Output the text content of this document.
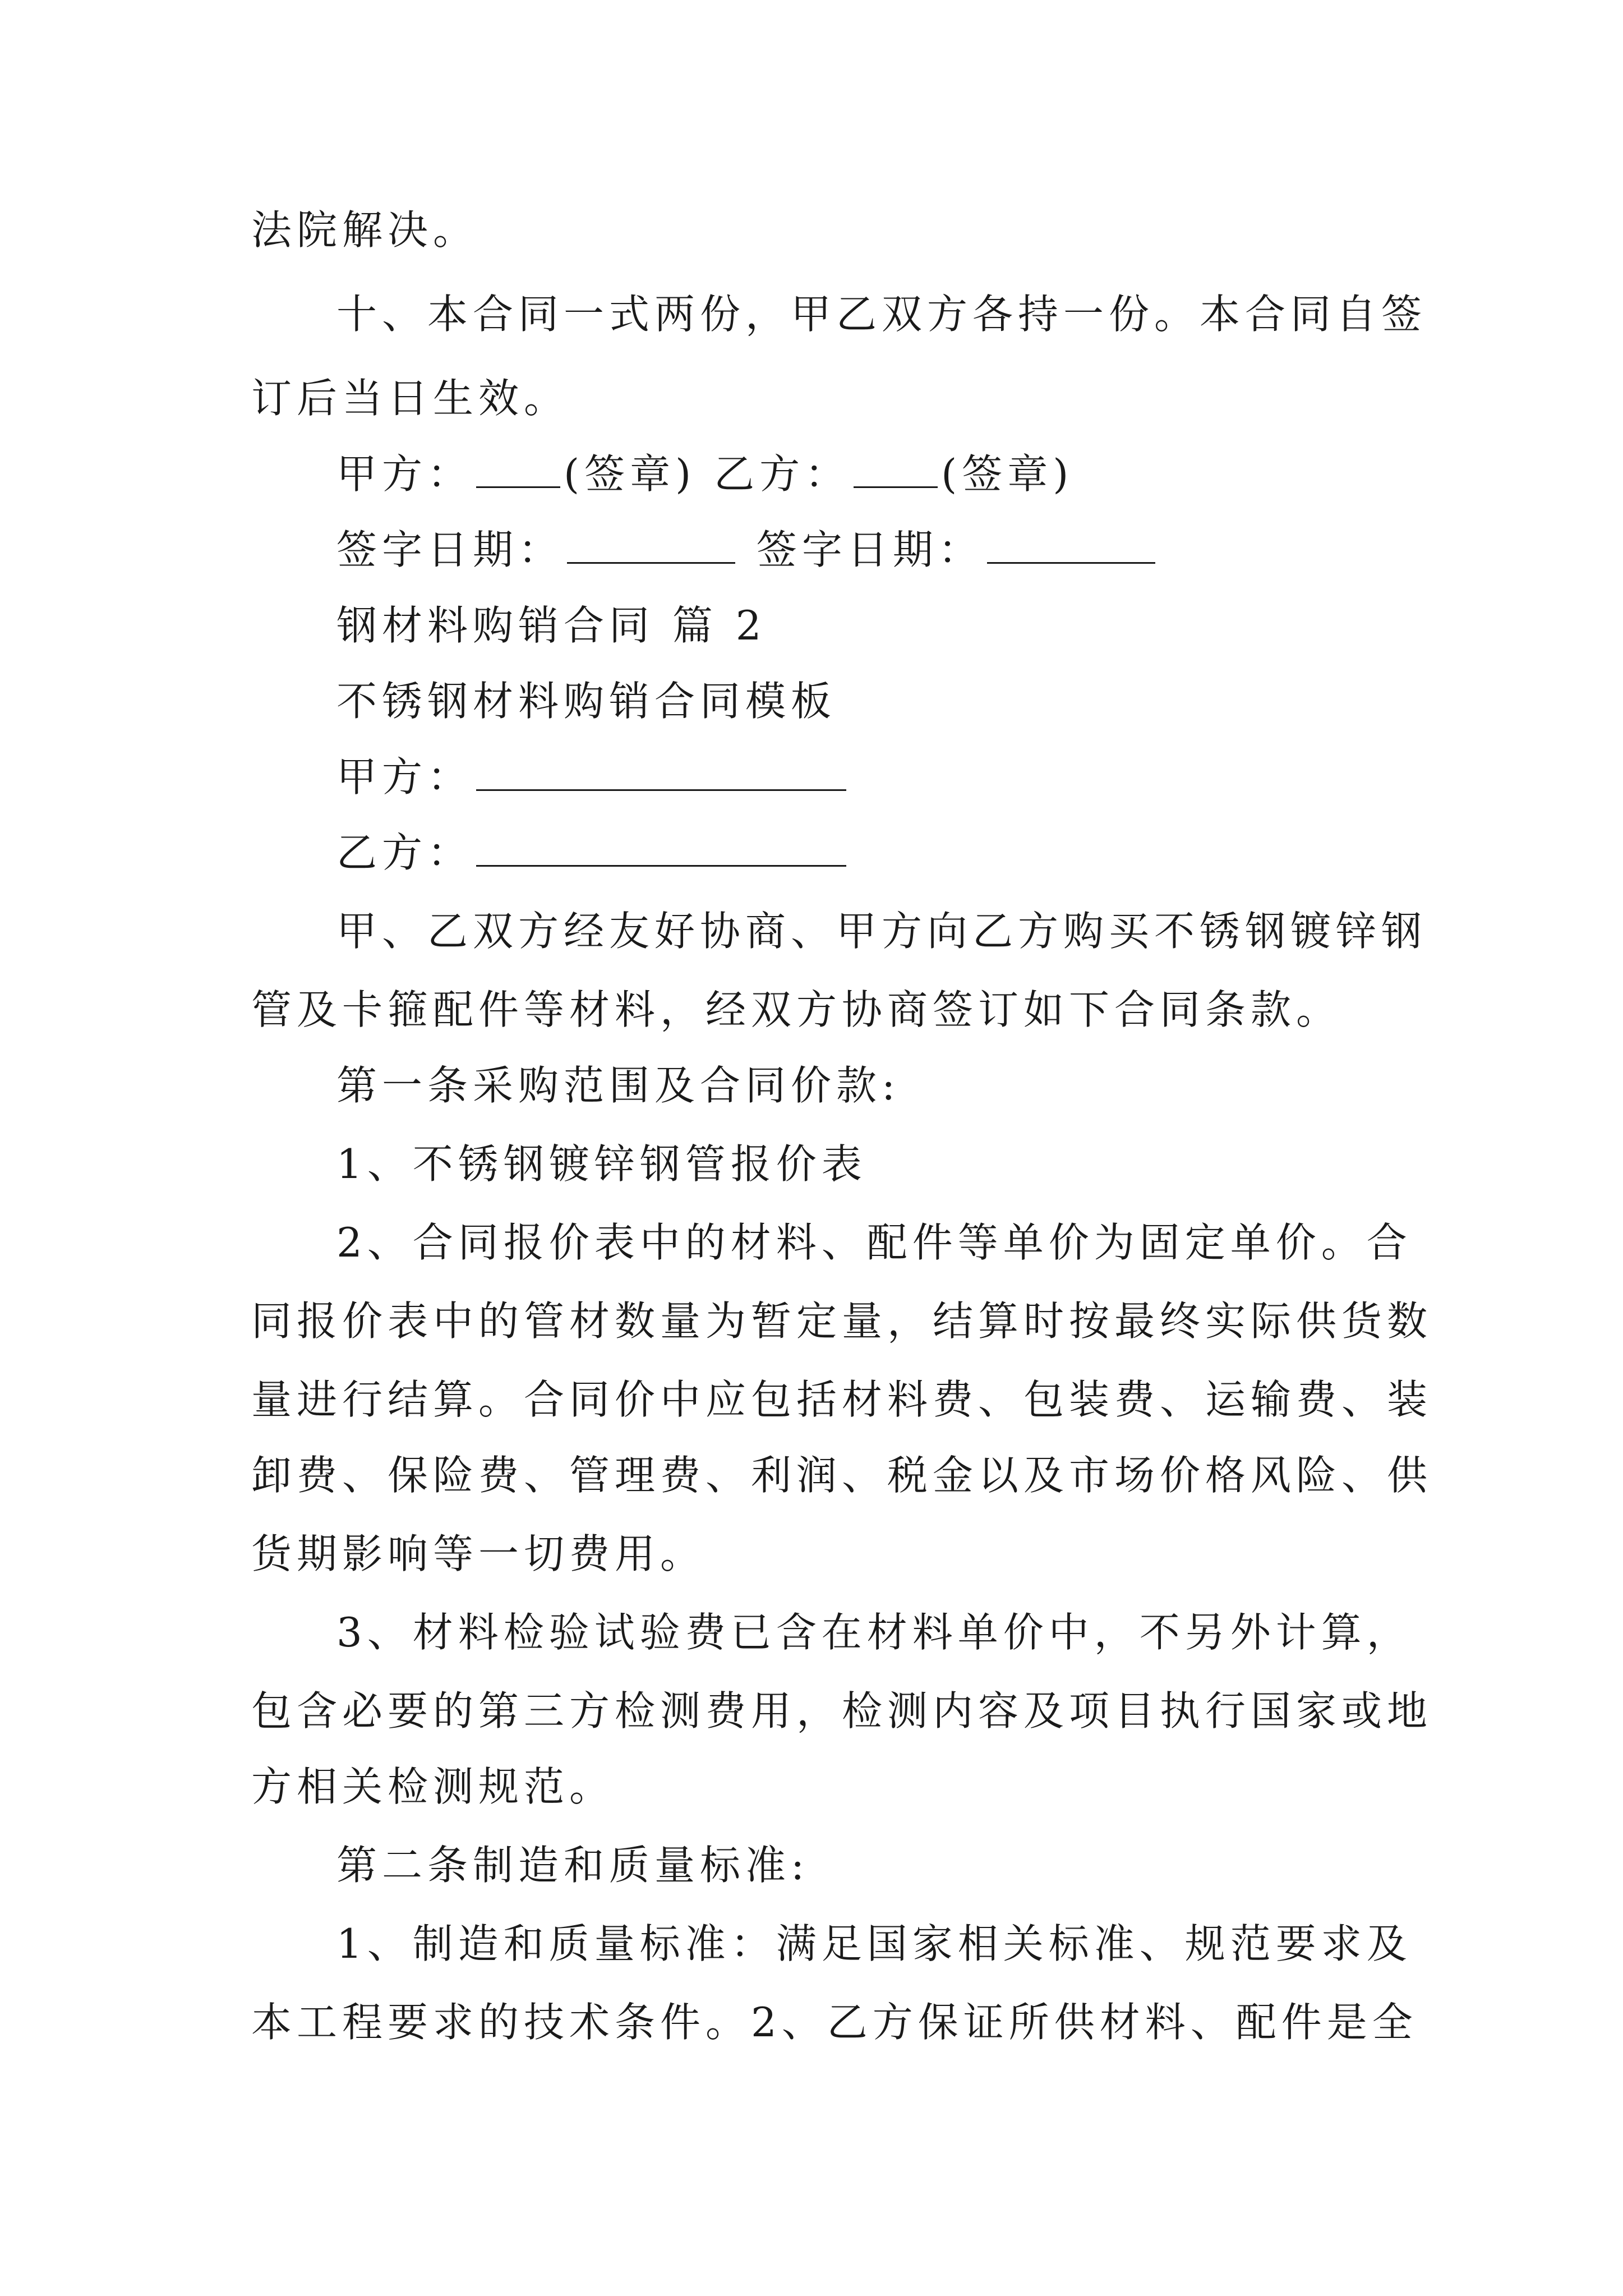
法院解决。

十、本合同一式两份，甲乙双方各持一份。本合同自签

订后当日生效。

甲方： (签章) 乙方： (签章)

签字日期：	签字日期：

钢材料购销合同 篇 2

不锈钢材料购销合同模板

甲方：

乙方：

甲、乙双方经友好协商、甲方向乙方购买不锈钢镀锌钢

管及卡箍配件等材料，经双方协商签订如下合同条款。

第一条采购范围及合同价款:

1、不锈钢镀锌钢管报价表

2、合同报价表中的材料、配件等单价为固定单价。合

同报价表中的管材数量为暂定量，结算时按最终实际供货数

量进行结算。合同价中应包括材料费、包装费、运输费、装

卸费、保险费、管理费、利润、税金以及市场价格风险、供

货期影响等一切费用。

3、材料检验试验费已含在材料单价中，不另外计算，

包含必要的第三方检测费用，检测内容及项目执行国家或地

方相关检测规范。

第二条制造和质量标准:

1、制造和质量标准：满足国家相关标准、规范要求及

本工程要求的技术条件。2、乙方保证所供材料、配件是全
